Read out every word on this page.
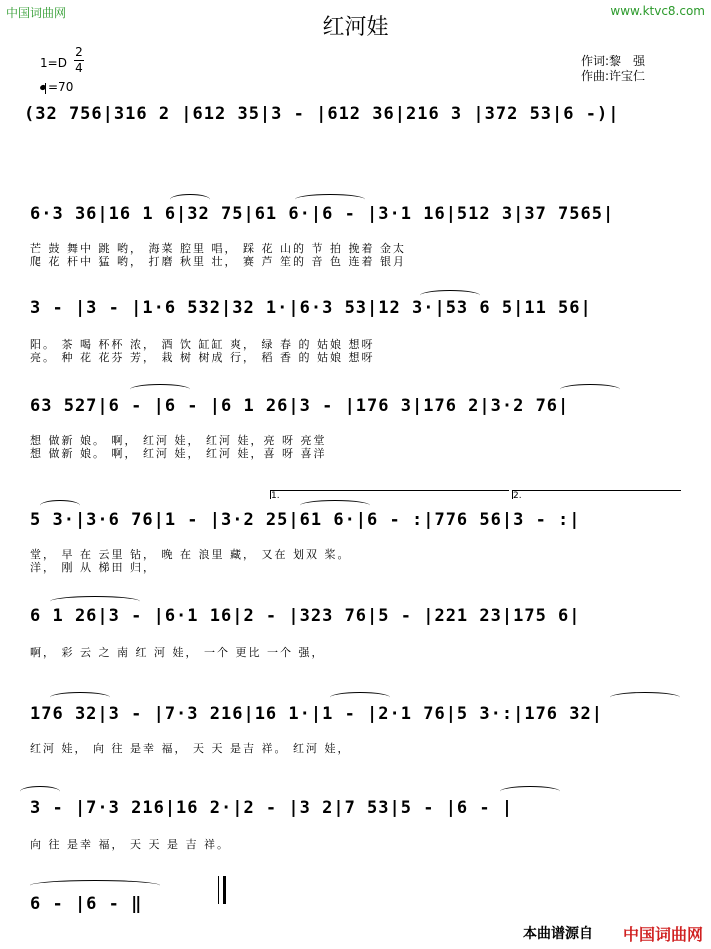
中国词曲网	www.ktvc8.com
红河娃
作词:黎　强
作曲:许宝仁
1=D
2
4
=70
(32 756|316 2 |612 35|3 - |612 36|216 3 |372 53|6 -)|
6·3 36|16 1 6|32 75|61 6·|6 - |3·1 16|512 3|37 7565|
芒 鼓 舞中 跳 哟， 海菜 腔里 唱， 踩 花 山的 节 拍 挽着 金太
爬 花 杆中 猛 哟， 打磨 秋里 壮， 赛 芦 笙的 音 色 连着 银月
3 - |3 - |1·6 532|32 1·|6·3 53|12 3·|53 6 5|11 56|
阳。 茶 喝 杯杯 浓， 酒 饮 缸缸 爽， 绿 春 的 姑娘 想呀
亮。 种 花 花芬 芳， 栽 树 树成 行， 稻 香 的 姑娘 想呀
63 527|6 - |6 - |6 1 26|3 - |176 3|176 2|3·2 76|
想 做新 娘。 啊， 红河 娃， 红河 娃，亮 呀 亮堂
想 做新 娘。 啊， 红河 娃， 红河 娃，喜 呀 喜洋
1.	2.
5 3·|3·6 76|1 - |3·2 25|61 6·|6 - :|776 56|3 - :|
堂， 早 在 云里 钻， 晚 在 浪里 藏， 又在 划双 桨。
洋， 刚 从 梯田 归，
6 1 26|3 - |6·1 16|2 - |323 76|5 - |221 23|175 6|
啊， 彩 云 之 南 红 河 娃， 一个 更比 一个 强，
176 32|3 - |7·3 216|16 1·|1 - |2·1 76|5 3·:|176 32|
红河 娃， 向 往 是幸 福， 天 天 是吉 祥。 红河 娃，
3 - |7·3 216|16 2·|2 - |3 2|7 53|5 - |6 - |
向 往 是幸 福， 天 天 是 吉 祥。
6 - |6 - ‖
本曲谱源自 中国词曲网
